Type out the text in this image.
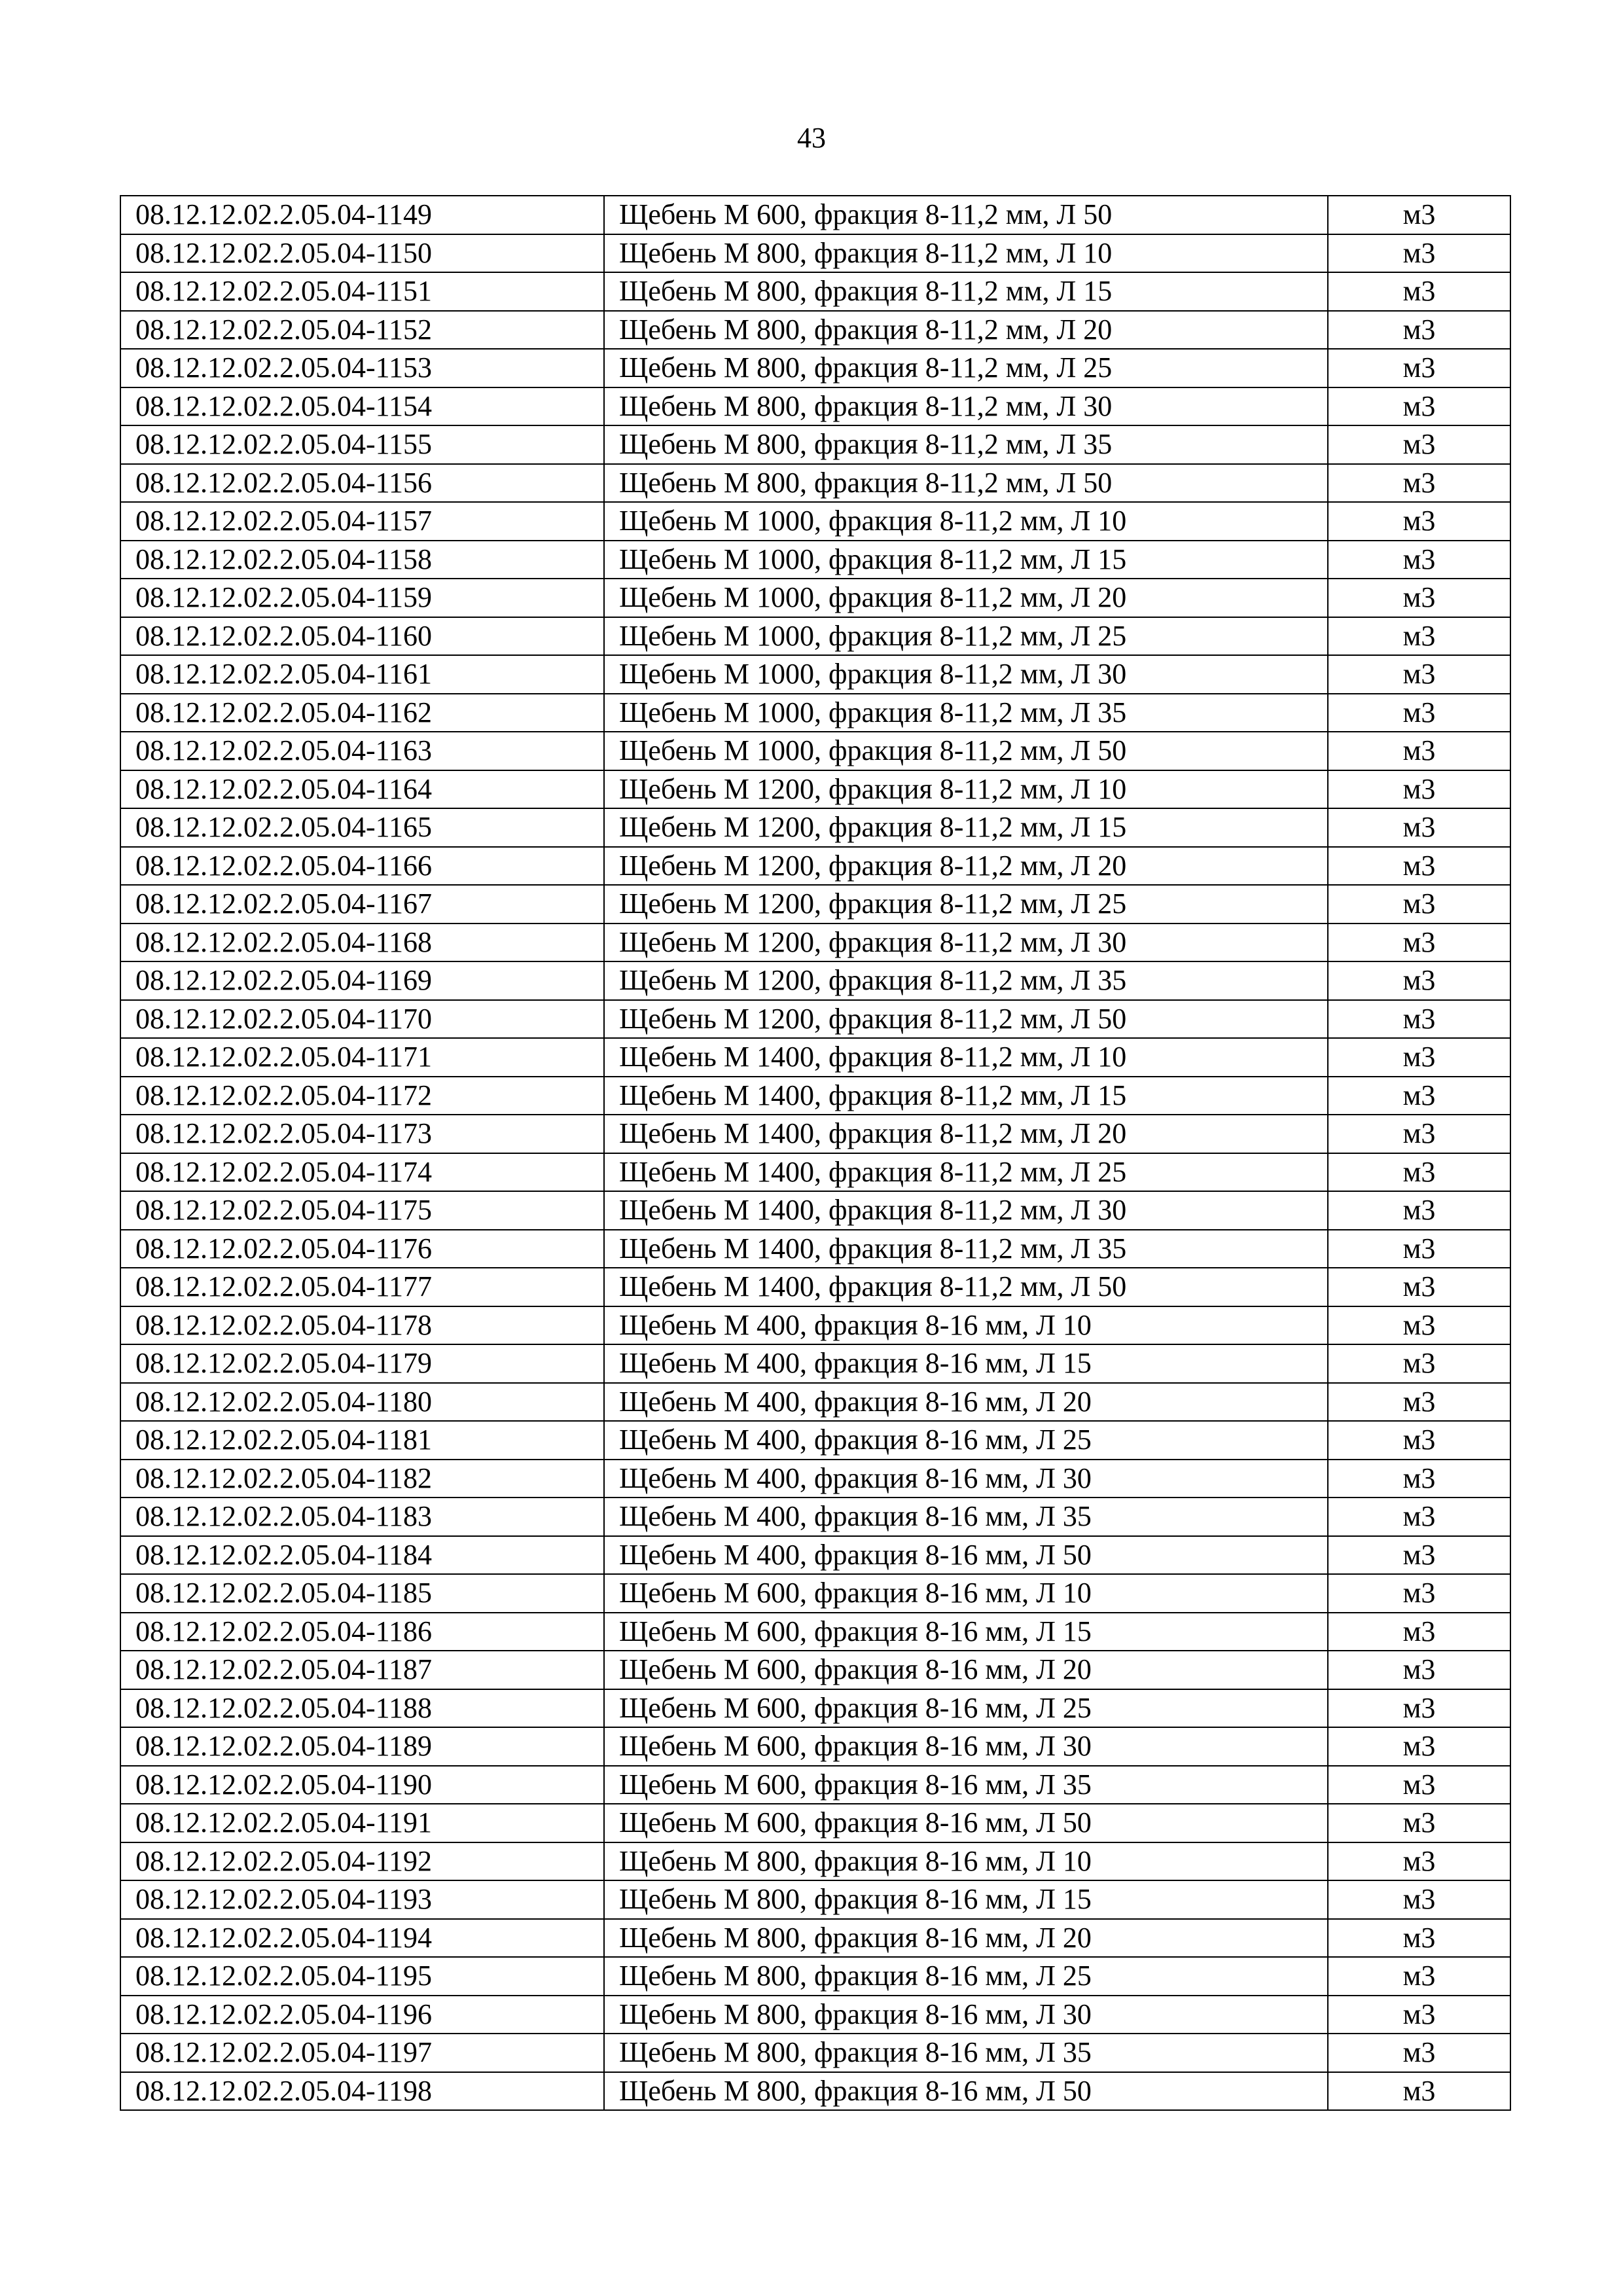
43
08.12.12.02.2.05.04-1149	Щебень М 600, фракция 8-11,2 мм, Л 50	м3
08.12.12.02.2.05.04-1150	Щебень М 800, фракция 8-11,2 мм, Л 10	м3
08.12.12.02.2.05.04-1151	Щебень М 800, фракция 8-11,2 мм, Л 15	м3
08.12.12.02.2.05.04-1152	Щебень М 800, фракция 8-11,2 мм, Л 20	м3
08.12.12.02.2.05.04-1153	Щебень М 800, фракция 8-11,2 мм, Л 25	м3
08.12.12.02.2.05.04-1154	Щебень М 800, фракция 8-11,2 мм, Л 30	м3
08.12.12.02.2.05.04-1155	Щебень М 800, фракция 8-11,2 мм, Л 35	м3
08.12.12.02.2.05.04-1156	Щебень М 800, фракция 8-11,2 мм, Л 50	м3
08.12.12.02.2.05.04-1157	Щебень М 1000, фракция 8-11,2 мм, Л 10	м3
08.12.12.02.2.05.04-1158	Щебень М 1000, фракция 8-11,2 мм, Л 15	м3
08.12.12.02.2.05.04-1159	Щебень М 1000, фракция 8-11,2 мм, Л 20	м3
08.12.12.02.2.05.04-1160	Щебень М 1000, фракция 8-11,2 мм, Л 25	м3
08.12.12.02.2.05.04-1161	Щебень М 1000, фракция 8-11,2 мм, Л 30	м3
08.12.12.02.2.05.04-1162	Щебень М 1000, фракция 8-11,2 мм, Л 35	м3
08.12.12.02.2.05.04-1163	Щебень М 1000, фракция 8-11,2 мм, Л 50	м3
08.12.12.02.2.05.04-1164	Щебень М 1200, фракция 8-11,2 мм, Л 10	м3
08.12.12.02.2.05.04-1165	Щебень М 1200, фракция 8-11,2 мм, Л 15	м3
08.12.12.02.2.05.04-1166	Щебень М 1200, фракция 8-11,2 мм, Л 20	м3
08.12.12.02.2.05.04-1167	Щебень М 1200, фракция 8-11,2 мм, Л 25	м3
08.12.12.02.2.05.04-1168	Щебень М 1200, фракция 8-11,2 мм, Л 30	м3
08.12.12.02.2.05.04-1169	Щебень М 1200, фракция 8-11,2 мм, Л 35	м3
08.12.12.02.2.05.04-1170	Щебень М 1200, фракция 8-11,2 мм, Л 50	м3
08.12.12.02.2.05.04-1171	Щебень М 1400, фракция 8-11,2 мм, Л 10	м3
08.12.12.02.2.05.04-1172	Щебень М 1400, фракция 8-11,2 мм, Л 15	м3
08.12.12.02.2.05.04-1173	Щебень М 1400, фракция 8-11,2 мм, Л 20	м3
08.12.12.02.2.05.04-1174	Щебень М 1400, фракция 8-11,2 мм, Л 25	м3
08.12.12.02.2.05.04-1175	Щебень М 1400, фракция 8-11,2 мм, Л 30	м3
08.12.12.02.2.05.04-1176	Щебень М 1400, фракция 8-11,2 мм, Л 35	м3
08.12.12.02.2.05.04-1177	Щебень М 1400, фракция 8-11,2 мм, Л 50	м3
08.12.12.02.2.05.04-1178	Щебень М 400, фракция 8-16 мм, Л 10	м3
08.12.12.02.2.05.04-1179	Щебень М 400, фракция 8-16 мм, Л 15	м3
08.12.12.02.2.05.04-1180	Щебень М 400, фракция 8-16 мм, Л 20	м3
08.12.12.02.2.05.04-1181	Щебень М 400, фракция 8-16 мм, Л 25	м3
08.12.12.02.2.05.04-1182	Щебень М 400, фракция 8-16 мм, Л 30	м3
08.12.12.02.2.05.04-1183	Щебень М 400, фракция 8-16 мм, Л 35	м3
08.12.12.02.2.05.04-1184	Щебень М 400, фракция 8-16 мм, Л 50	м3
08.12.12.02.2.05.04-1185	Щебень М 600, фракция 8-16 мм, Л 10	м3
08.12.12.02.2.05.04-1186	Щебень М 600, фракция 8-16 мм, Л 15	м3
08.12.12.02.2.05.04-1187	Щебень М 600, фракция 8-16 мм, Л 20	м3
08.12.12.02.2.05.04-1188	Щебень М 600, фракция 8-16 мм, Л 25	м3
08.12.12.02.2.05.04-1189	Щебень М 600, фракция 8-16 мм, Л 30	м3
08.12.12.02.2.05.04-1190	Щебень М 600, фракция 8-16 мм, Л 35	м3
08.12.12.02.2.05.04-1191	Щебень М 600, фракция 8-16 мм, Л 50	м3
08.12.12.02.2.05.04-1192	Щебень М 800, фракция 8-16 мм, Л 10	м3
08.12.12.02.2.05.04-1193	Щебень М 800, фракция 8-16 мм, Л 15	м3
08.12.12.02.2.05.04-1194	Щебень М 800, фракция 8-16 мм, Л 20	м3
08.12.12.02.2.05.04-1195	Щебень М 800, фракция 8-16 мм, Л 25	м3
08.12.12.02.2.05.04-1196	Щебень М 800, фракция 8-16 мм, Л 30	м3
08.12.12.02.2.05.04-1197	Щебень М 800, фракция 8-16 мм, Л 35	м3
08.12.12.02.2.05.04-1198	Щебень М 800, фракция 8-16 мм, Л 50	м3
